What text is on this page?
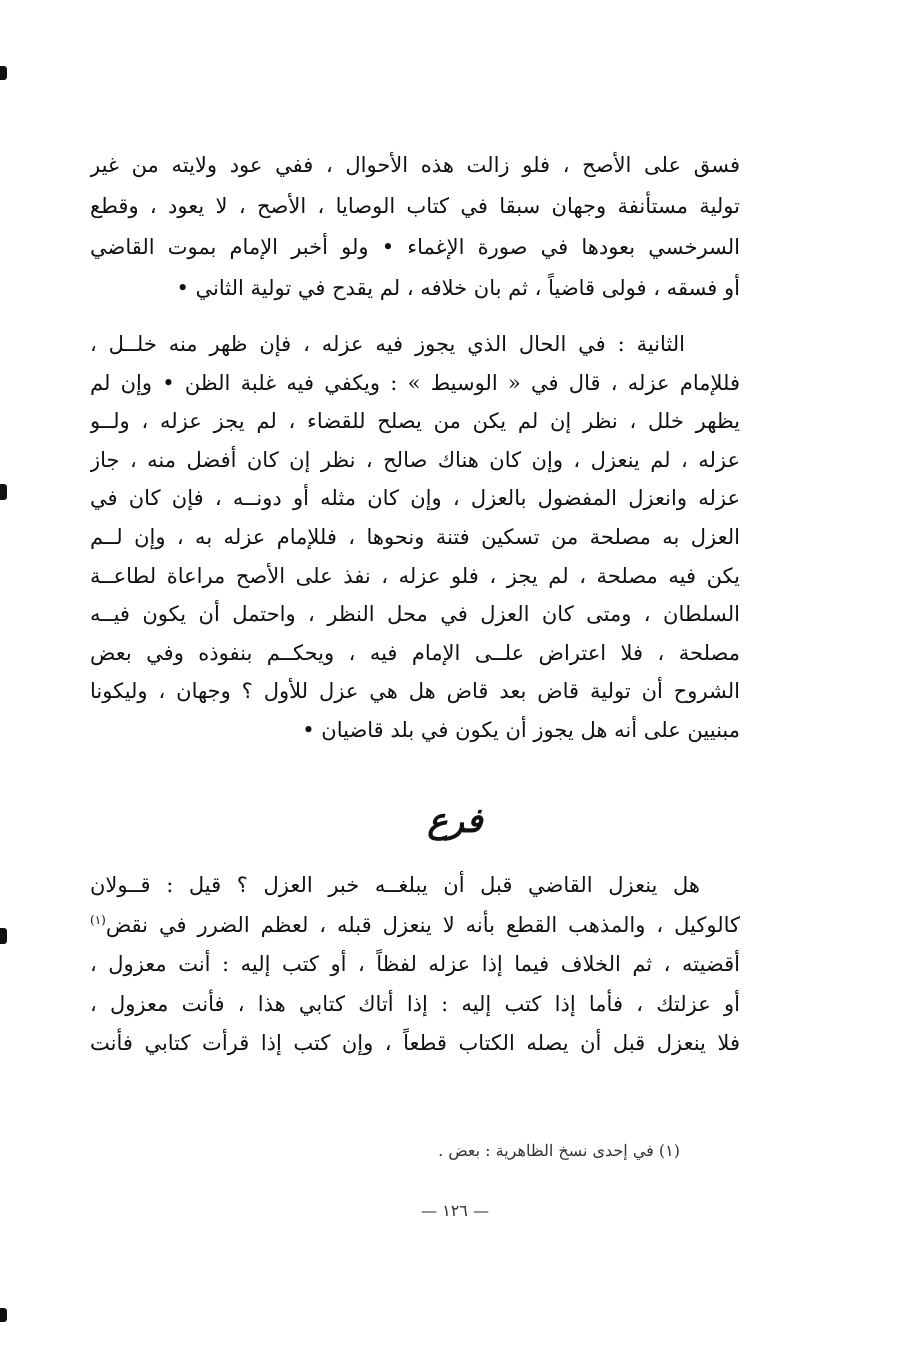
فسق على الأصح ، فلو زالت هذه الأحوال ، ففي عود ولايته من غير
تولية مستأنفة وجهان سبقا في كتاب الوصايا ، الأصح ، لا يعود ، وقطع
السرخسي بعودها في صورة الإغماء • ولو أخبر الإمام بموت القاضي
أو فسقه ، فولى قاضياً ، ثم بان خلافه ، لم يقدح في تولية الثاني •
الثانية : في الحال الذي يجوز فيه عزله ، فإن ظهر منه خلــل ،
فللإمام عزله ، قال في « الوسيط » : ويكفي فيه غلبة الظن • وإن لم
يظهر خلل ، نظر إن لم يكن من يصلح للقضاء ، لم يجز عزله ، ولــو
عزله ، لم ينعزل ، وإن كان هناك صالح ، نظر إن كان أفضل منه ، جاز
عزله وانعزل المفضول بالعزل ، وإن كان مثله أو دونــه ، فإن كان في
العزل به مصلحة من تسكين فتنة ونحوها ، فللإمام عزله به ، وإن لــم
يكن فيه مصلحة ، لم يجز ، فلو عزله ، نفذ على الأصح مراعاة لطاعــة
السلطان ، ومتى كان العزل في محل النظر ، واحتمل أن يكون فيــه
مصلحة ، فلا اعتراض علــى الإمام فيه ، ويحكــم بنفوذه وفي بعض
الشروح أن تولية قاض بعد قاض هل هي عزل للأول ؟ وجهان ، وليكونا
مبنيين على أنه هل يجوز أن يكون في بلد قاضيان •
فرع
هل ينعزل القاضي قبل أن يبلغــه خبر العزل ؟ قيل : قــولان
كالوكيل ، والمذهب القطع بأنه لا ينعزل قبله ، لعظم الضرر في نقض$^{(١)}$
أقضيته ، ثم الخلاف فيما إذا عزله لفظاً ، أو كتب إليه : أنت معزول ،
أو عزلتك ، فأما إذا كتب إليه : إذا أتاك كتابي هذا ، فأنت معزول ،
فلا ينعزل قبل أن يصله الكتاب قطعاً ، وإن كتب إذا قرأت كتابي فأنت
(١) في إحدى نسخ الظاهرية : بعض .
— ١٢٦ —
